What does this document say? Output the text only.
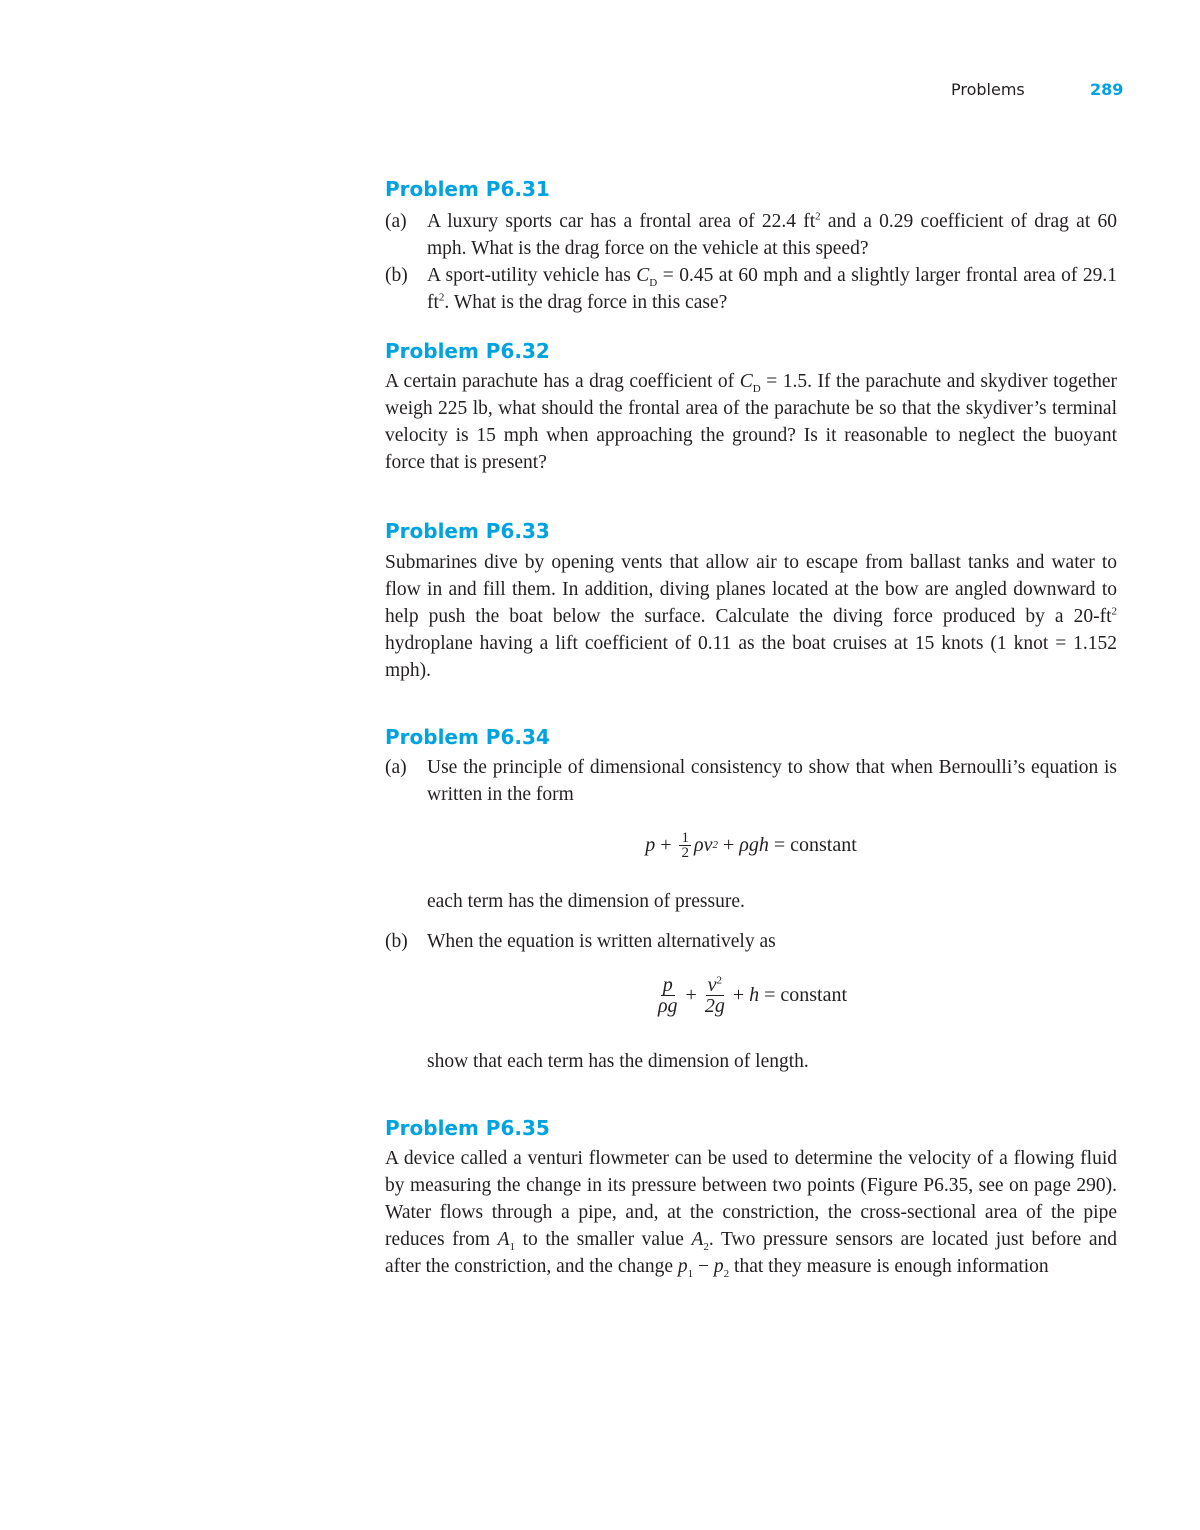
Problems	289
Problem P6.31
(a)	A luxury sports car has a frontal area of 22.4 $ft^2$ and a 0.29 coefficient of drag at 60 mph. What is the drag force on the vehicle at this speed?

(b) A sport-utility vehicle has $C_D = 0.45$ at 60 mph and a slightly larger frontal area of 29.1 $ft^2$. What is the drag force in this case?

Problem P6.32

A certain parachute has a drag coefficient of $C_D = 1.5$. If the parachute and skydiver together weigh 225 lb, what should the frontal area of the parachute be so that the skydiver’s terminal velocity is 15 mph when approaching the ground? Is it reasonable to neglect the buoyant force that is present?

Problem P6.33

Submarines dive by opening vents that allow air to escape from ballast tanks and water to flow in and fill them. In addition, diving planes located at the bow are angled downward to help push the boat below the surface. Calculate the diving force produced by a $20-ft^2$ hydroplane having a lift coefficient of 0.11 as the boat cruises at 15 knots (1 knot = 1.152 mph).

Problem P6.34
(a)	Use the principle of dimensional consistency to show that when Bernoulli’s equation is written in the form

p
+
$\frac{1}{2}$ ρv 2
+
ρgh
=
constant

each term has the dimension of pressure.

(b) When the equation is written alternatively as

$\frac{p}{\rho g}$
+
$\frac{v^2}{2g}$
+
h
=
constant

show that each term has the dimension of length.

Problem P6.35

A device called a venturi flowmeter can be used to determine the velocity of a flowing fluid by measuring the change in its pressure between two points (Figure P6.35, see on page 290). Water flows through a pipe, and, at the constriction, the cross-sectional area of the pipe reduces from $A_1$ to the smaller value $A_2$. Two pressure sensors are located just before and after the constriction, and the change $p_1 - p_2$ that they measure is enough information
